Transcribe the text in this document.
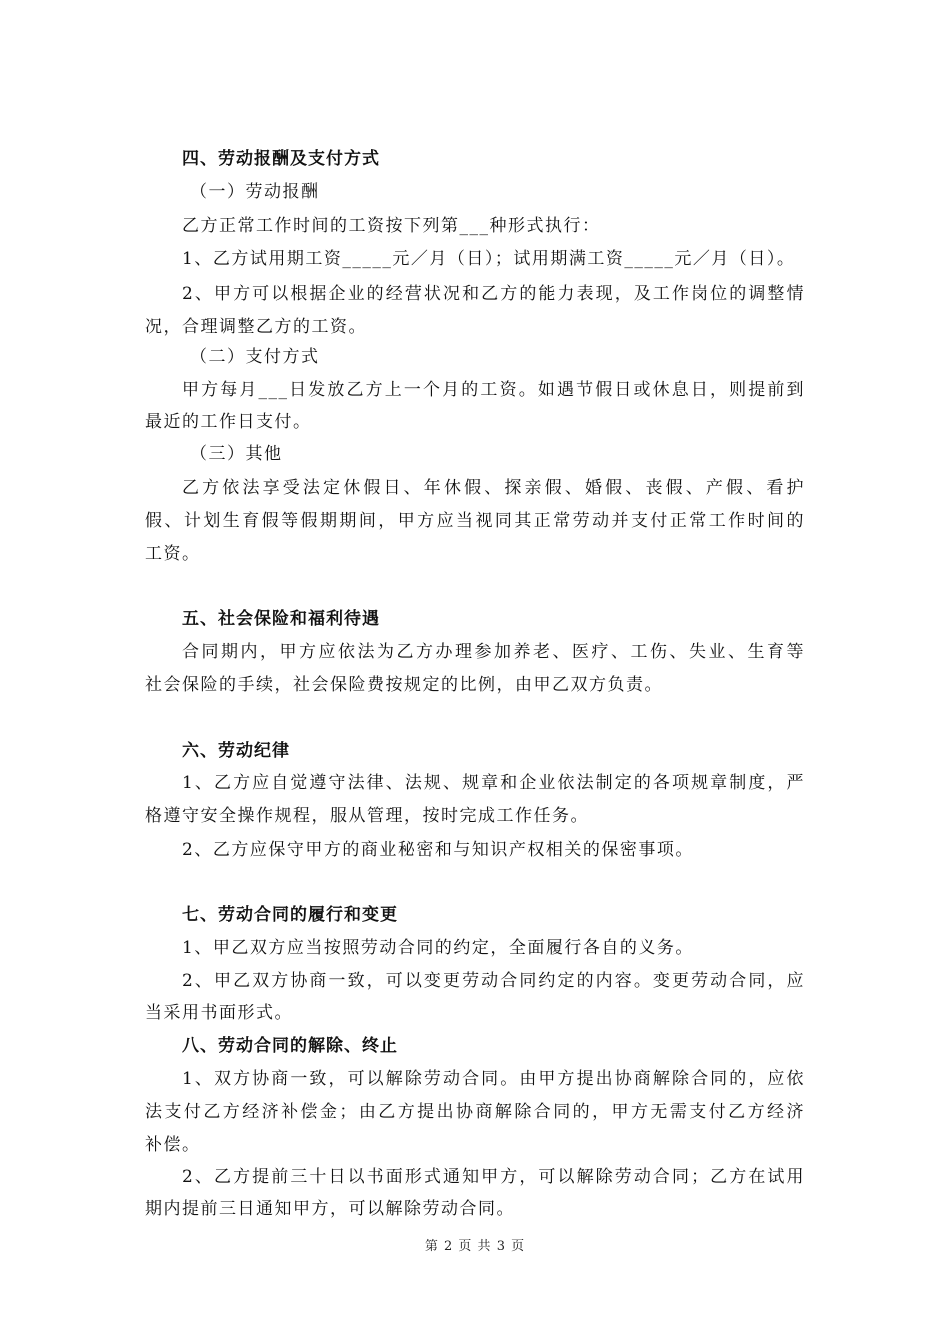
四、劳动报酬及支付方式
（一）劳动报酬
乙方正常工作时间的工资按下列第___种形式执行：
1、乙方试用期工资_____元／月（日）；试用期满工资_____元／月（日）。
2、甲方可以根据企业的经营状况和乙方的能力表现，及工作岗位的调整情
况，合理调整乙方的工资。
（二）支付方式
甲方每月___日发放乙方上一个月的工资。如遇节假日或休息日，则提前到
最近的工作日支付。
（三）其他
乙方依法享受法定休假日、年休假、探亲假、婚假、丧假、产假、看护
假、计划生育假等假期期间，甲方应当视同其正常劳动并支付正常工作时间的
工资。
五、社会保险和福利待遇
合同期内，甲方应依法为乙方办理参加养老、医疗、工伤、失业、生育等
社会保险的手续，社会保险费按规定的比例，由甲乙双方负责。
六、劳动纪律
1、乙方应自觉遵守法律、法规、规章和企业依法制定的各项规章制度，严
格遵守安全操作规程，服从管理，按时完成工作任务。
2、乙方应保守甲方的商业秘密和与知识产权相关的保密事项。
七、劳动合同的履行和变更
1、甲乙双方应当按照劳动合同的约定，全面履行各自的义务。
2、甲乙双方协商一致，可以变更劳动合同约定的内容。变更劳动合同，应
当采用书面形式。
八、劳动合同的解除、终止
1、双方协商一致，可以解除劳动合同。由甲方提出协商解除合同的，应依
法支付乙方经济补偿金；由乙方提出协商解除合同的，甲方无需支付乙方经济
补偿。
2、乙方提前三十日以书面形式通知甲方，可以解除劳动合同；乙方在试用
期内提前三日通知甲方，可以解除劳动合同。
第 2 页 共 3 页
